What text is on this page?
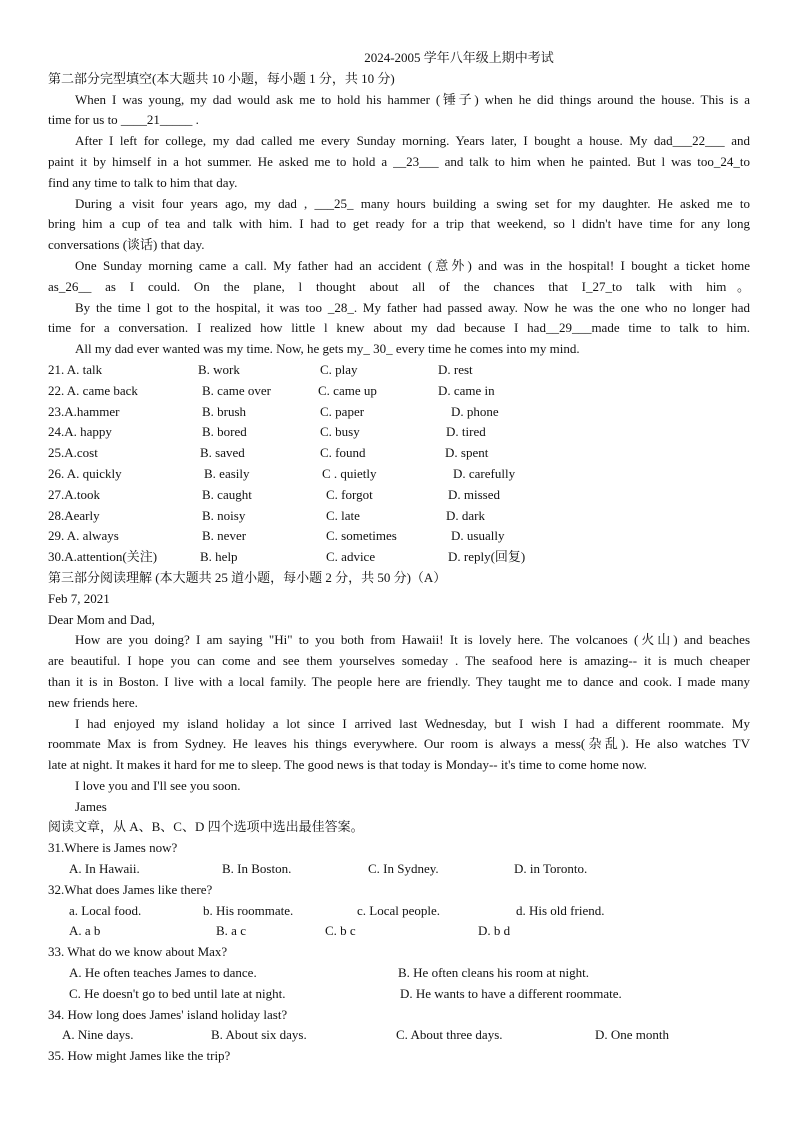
2024-2005 学年八年级上期中考试
第二部分完型填空(本大题共 10 小题，每小题 1 分，共 10 分)
When I was young, my dad would ask me to hold his hammer (锤子) when he did things around the house. This is a
time for us to ____21_____ .
After I left for college, my dad called me every Sunday morning. Years later, I bought a house. My dad___22___ and
paint it by himself in a hot summer. He asked me to hold a __23___ and talk to him when he painted. But l was too_24_to
find any time to talk to him that day.
During a visit four years ago, my dad , ___25_ many hours building a swing set for my daughter. He asked me to
bring him a cup of tea and talk with him. I had to get ready for a trip that weekend, so l didn't have time for any long
conversations (谈话) that day.
One Sunday morning came a call. My father had an accident (意外) and was in the hospital! I bought a ticket home
as_26__ as I could. On the plane, l thought about all of the chances that I_27_to talk with him。
By the time l got to the hospital, it was too _28_. My father had passed away. Now he was the one who no longer had
time for a conversation. I realized how little l knew about my dad because I had__29___made time to talk to him.
All my dad ever wanted was my time. Now, he gets my_ 30_ every time he comes into my mind.
21. A. talk	B. work	C. play	D. rest
22. A. came back	B. came over	C. came up	D. came in
23.A.hammer	B. brush	C. paper	D. phone
24.A. happy	B. bored	C. busy	D. tired
25.A.cost	B. saved	C. found	D. spent
26. A. quickly	B. easily	C . quietly	D. carefully
27.A.took	B. caught	C. forgot	D. missed
28.Aearly	B. noisy	C. late	D. dark
29. A. always	B. never	C. sometimes	D. usually
30.A.attention(关注)	B. help	C. advice	D. reply(回复)
第三部分阅读理解 (本大题共 25 道小题，每小题 2 分，共 50 分)（A）
Feb 7, 2021
Dear Mom and Dad,
How are you doing? I am saying "Hi" to you both from Hawaii! It is lovely here. The volcanoes (火山) and beaches
are beautiful. I hope you can come and see them yourselves someday . The seafood here is amazing-- it is much cheaper
than it is in Boston. I live with a local family. The people here are friendly. They taught me to dance and cook. I made many
new friends here.
I had enjoyed my island holiday a lot since I arrived last Wednesday, but I wish I had a different roommate. My
roommate Max is from Sydney. He leaves his things everywhere. Our room is always a mess(杂乱). He also watches TV
late at night. It makes it hard for me to sleep. The good news is that today is Monday-- it's time to come home now.
I love you and I'll see you soon.
James
阅读文章，从 A、B、C、D 四个选项中选出最佳答案。
31.Where is James now?
A. In Hawaii.	B. In Boston.	C. In Sydney.	D. in Toronto.
32.What does James like there?
a. Local food.	b. His roommate.	c. Local people.	d. His old friend.
A. a b	B. a c	C. b c	D. b d
33. What do we know about Max?
A. He often teaches James to dance.	B. He often cleans his room at night.
C. He doesn't go to bed until late at night.	D. He wants to have a different roommate.
34. How long does James' island holiday last?
A. Nine days.	B. About six days.	C. About three days.	D. One month
35. How might James like the trip?
